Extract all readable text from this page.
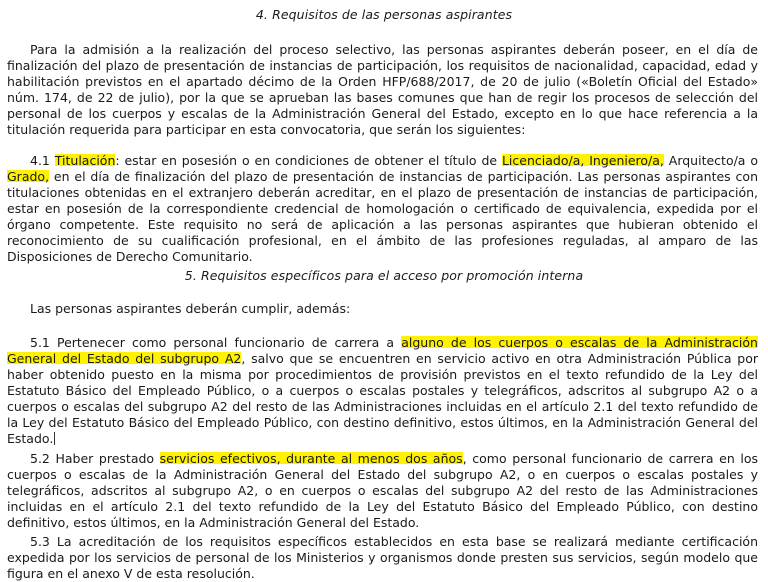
4. Requisitos de las personas aspirantes
Para la admisión a la realización del proceso selectivo, las personas aspirantes deberán poseer, en el día de
finalización del plazo de presentación de instancias de participación, los requisitos de nacionalidad, capacidad, edad y
habilitación previstos en el apartado décimo de la Orden HFP/688/2017, de 20 de julio («Boletín Oficial del Estado»
núm. 174, de 22 de julio), por la que se aprueban las bases comunes que han de regir los procesos de selección del
personal de los cuerpos y escalas de la Administración General del Estado, excepto en lo que hace referencia a la
titulación requerida para participar en esta convocatoria, que serán los siguientes:
4.1 Titulación: estar en posesión o en condiciones de obtener el título de Licenciado/a, Ingeniero/a, Arquitecto/a o
Grado, en el día de finalización del plazo de presentación de instancias de participación. Las personas aspirantes con
titulaciones obtenidas en el extranjero deberán acreditar, en el plazo de presentación de instancias de participación,
estar en posesión de la correspondiente credencial de homologación o certificado de equivalencia, expedida por el
órgano competente. Este requisito no será de aplicación a las personas aspirantes que hubieran obtenido el
reconocimiento de su cualificación profesional, en el ámbito de las profesiones reguladas, al amparo de las
Disposiciones de Derecho Comunitario.
5. Requisitos específicos para el acceso por promoción interna
Las personas aspirantes deberán cumplir, además:
5.1 Pertenecer como personal funcionario de carrera a alguno de los cuerpos o escalas de la Administración
General del Estado del subgrupo A2, salvo que se encuentren en servicio activo en otra Administración Pública por
haber obtenido puesto en la misma por procedimientos de provisión previstos en el texto refundido de la Ley del
Estatuto Básico del Empleado Público, o a cuerpos o escalas postales y telegráficos, adscritos al subgrupo A2 o a
cuerpos o escalas del subgrupo A2 del resto de las Administraciones incluidas en el artículo 2.1 del texto refundido de
la Ley del Estatuto Básico del Empleado Público, con destino definitivo, estos últimos, en la Administración General del
Estado.
5.2 Haber prestado servicios efectivos, durante al menos dos años, como personal funcionario de carrera en los
cuerpos o escalas de la Administración General del Estado del subgrupo A2, o en cuerpos o escalas postales y
telegráficos, adscritos al subgrupo A2, o en cuerpos o escalas del subgrupo A2 del resto de las Administraciones
incluidas en el artículo 2.1 del texto refundido de la Ley del Estatuto Básico del Empleado Público, con destino
definitivo, estos últimos, en la Administración General del Estado.
5.3 La acreditación de los requisitos específicos establecidos en esta base se realizará mediante certificación
expedida por los servicios de personal de los Ministerios y organismos donde presten sus servicios, según modelo que
figura en el anexo V de esta resolución.
